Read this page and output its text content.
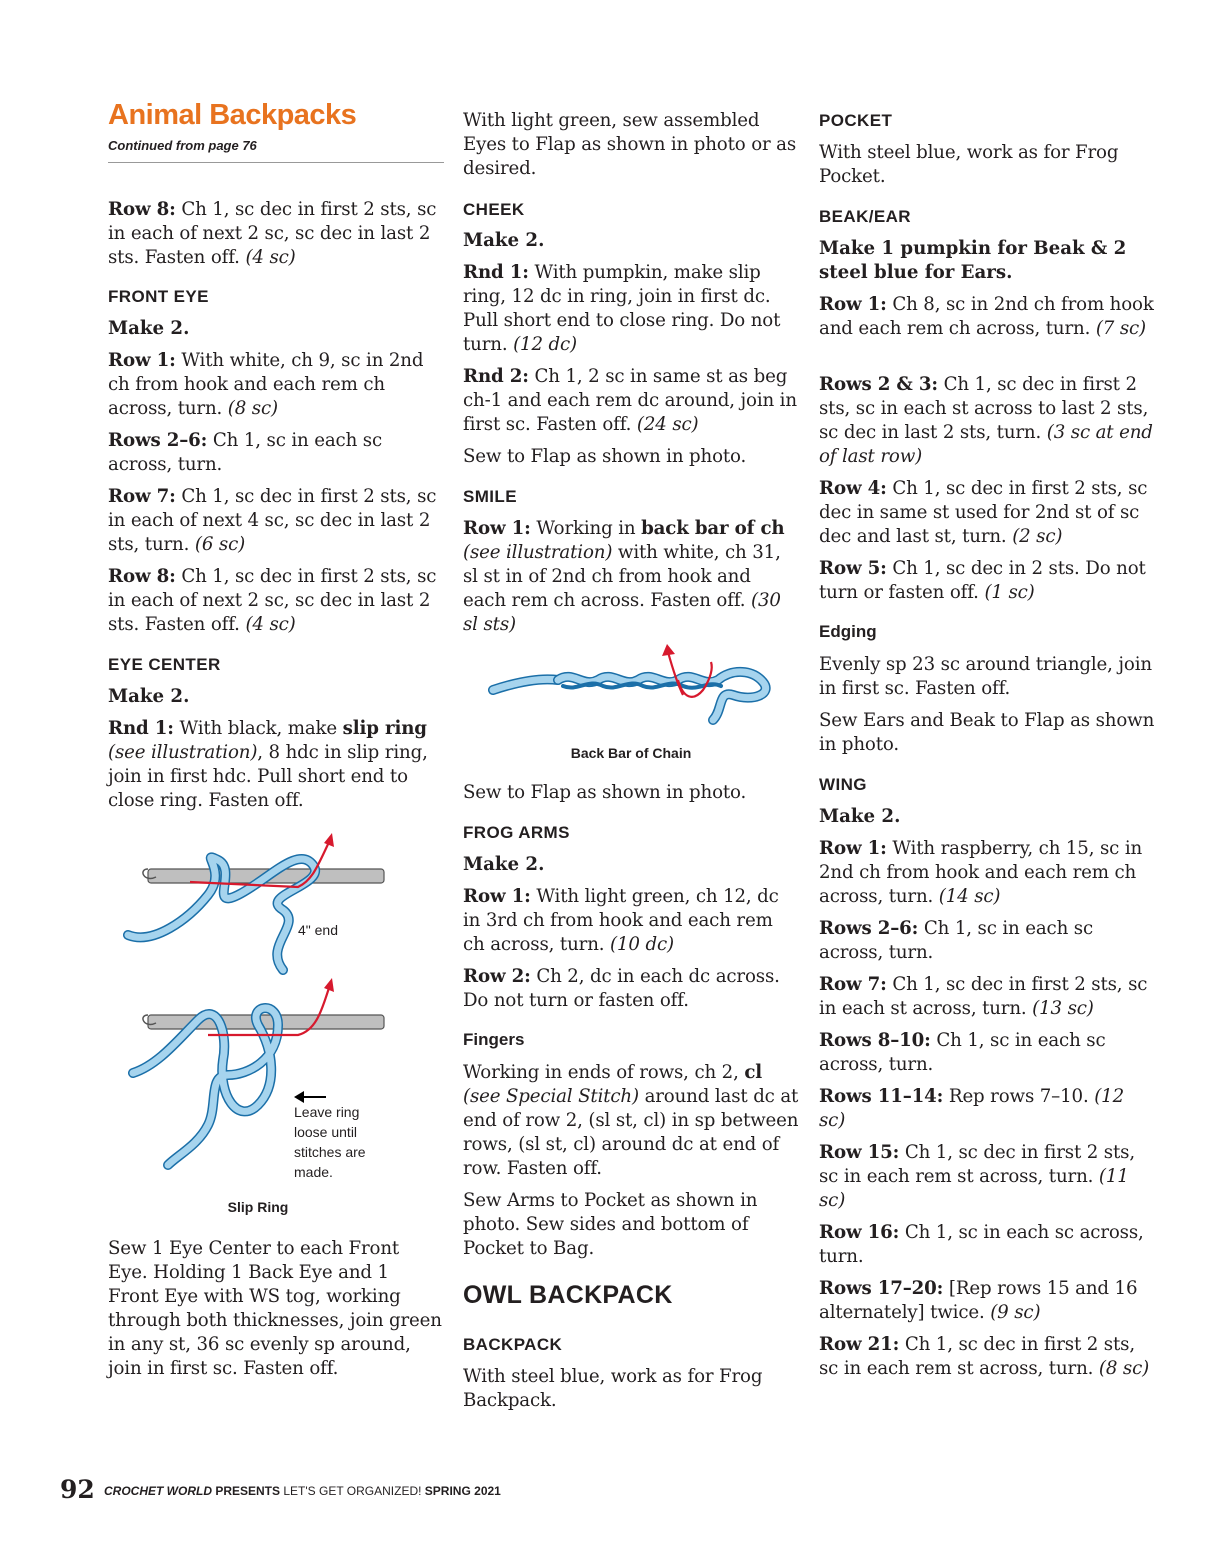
Animal Backpacks
Continued from page 76
Row 8: Ch 1, sc dec in first 2 sts, sc in each of next 2 sc, sc dec in last 2 sts. Fasten off. (4 sc)
FRONT EYE
Make 2.
Row 1: With white, ch 9, sc in 2nd ch from hook and each rem ch across, turn. (8 sc)
Rows 2–6: Ch 1, sc in each sc across, turn.
Row 7: Ch 1, sc dec in first 2 sts, sc in each of next 4 sc, sc dec in last 2 sts, turn. (6 sc)
Row 8: Ch 1, sc dec in first 2 sts, sc in each of next 2 sc, sc dec in last 2 sts. Fasten off. (4 sc)
EYE CENTER
Make 2.
Rnd 1: With black, make slip ring (see illustration), 8 hdc in slip ring, join in first hdc. Pull short end to close ring. Fasten off.
4" end
Leave ring
loose until
stitches are
made.
Slip Ring
Sew 1 Eye Center to each Front Eye. Holding 1 Back Eye and 1 Front Eye with WS tog, working through both thicknesses, join green in any st, 36 sc evenly sp around, join in first sc. Fasten off.
With light green, sew assembled Eyes to Flap as shown in photo or as desired.
CHEEK
Make 2.
Rnd 1: With pumpkin, make slip ring, 12 dc in ring, join in first dc. Pull short end to close ring. Do not turn. (12 dc)
Rnd 2: Ch 1, 2 sc in same st as beg ch-1 and each rem dc around, join in first sc. Fasten off. (24 sc)
Sew to Flap as shown in photo.
SMILE
Row 1: Working in back bar of ch (see illustration) with white, ch 31, sl st in of 2nd ch from hook and each rem ch across. Fasten off. (30 sl sts)
Back Bar of Chain
Sew to Flap as shown in photo.
FROG ARMS
Make 2.
Row 1: With light green, ch 12, dc in 3rd ch from hook and each rem ch across, turn. (10 dc)
Row 2: Ch 2, dc in each dc across. Do not turn or fasten off.
Fingers
Working in ends of rows, ch 2, cl (see Special Stitch) around last dc at end of row 2, (sl st, cl) in sp between rows, (sl st, cl) around dc at end of row. Fasten off.
Sew Arms to Pocket as shown in photo. Sew sides and bottom of Pocket to Bag.
OWL BACKPACK
BACKPACK
With steel blue, work as for Frog Backpack.
POCKET
With steel blue, work as for Frog Pocket.
BEAK/EAR
Make 1 pumpkin for Beak & 2 steel blue for Ears.
Row 1: Ch 8, sc in 2nd ch from hook and each rem ch across, turn. (7 sc)
Rows 2 & 3: Ch 1, sc dec in first 2 sts, sc in each st across to last 2 sts, sc dec in last 2 sts, turn. (3 sc at end of last row)
Row 4: Ch 1, sc dec in first 2 sts, sc dec in same st used for 2nd st of sc dec and last st, turn. (2 sc)
Row 5: Ch 1, sc dec in 2 sts. Do not turn or fasten off. (1 sc)
Edging
Evenly sp 23 sc around triangle, join in first sc. Fasten off.
Sew Ears and Beak to Flap as shown in photo.
WING
Make 2.
Row 1: With raspberry, ch 15, sc in 2nd ch from hook and each rem ch across, turn. (14 sc)
Rows 2–6: Ch 1, sc in each sc across, turn.
Row 7: Ch 1, sc dec in first 2 sts, sc in each st across, turn. (13 sc)
Rows 8–10: Ch 1, sc in each sc across, turn.
Rows 11–14: Rep rows 7–10. (12 sc)
Row 15: Ch 1, sc dec in first 2 sts, sc in each rem st across, turn. (11 sc)
Row 16: Ch 1, sc in each sc across, turn.
Rows 17–20: [Rep rows 15 and 16 alternately] twice. (9 sc)
Row 21: Ch 1, sc dec in first 2 sts, sc in each rem st across, turn. (8 sc)
92 CROCHET WORLD PRESENTS LET'S GET ORGANIZED! SPRING 2021
